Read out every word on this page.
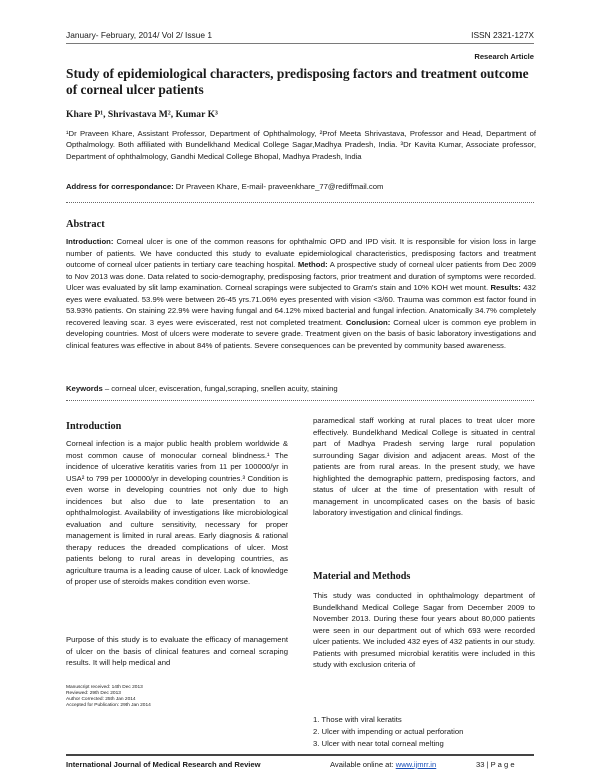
January- February, 2014/ Vol 2/ Issue 1	ISSN 2321-127X
Research Article
Study of epidemiological characters, predisposing factors and treatment outcome of corneal ulcer patients
Khare P¹, Shrivastava M², Kumar K³
¹Dr Praveen Khare, Assistant Professor, Department of Ophthalmology, ²Prof Meeta Shrivastava, Professor and Head, Department of Opthalmology. Both affiliated with Bundelkhand Medical College Sagar,Madhya Pradesh, India. ³Dr Kavita Kumar, Associate professor, Department of ophthalmology, Gandhi Medical College Bhopal, Madhya Pradesh, India
Address for correspondance: Dr Praveen Khare, E-mail- praveenkhare_77@rediffmail.com
Abstract
Introduction: Corneal ulcer is one of the common reasons for ophthalmic OPD and IPD visit. It is responsible for vision loss in large number of patients. We have conducted this study to evaluate epidemiological characteristics, predisposing factors and treatment outcome of corneal ulcer patients in tertiary care teaching hospital. Method: A prospective study of corneal ulcer patients from Dec 2009 to Nov 2013 was done. Data related to socio-demography, predisposing factors, prior treatment and duration of symptoms were recorded. Ulcer was evaluated by slit lamp examination. Corneal scrapings were subjected to Gram's stain and 10% KOH wet mount. Results: 432 eyes were evaluated. 53.9% were between 26-45 yrs.71.06% eyes presented with vision <3/60. Trauma was common est factor found in 53.93% patients. On staining 22.9% were having fungal and 64.12% mixed bacterial and fungal infection. Anatomically 34.7% completely recovered leaving scar. 3 eyes were eviscerated, rest not completed treatment. Conclusion: Corneal ulcer is common eye problem in developing countries. Most of ulcers were moderate to severe grade. Treatment given on the basis of basic laboratory investigations and clinical features was effective in about 84% of patients. Severe consequences can be prevented by community based awareness.
Keywords – corneal ulcer, evisceration, fungal,scraping, snellen acuity, staining
Introduction

Corneal infection is a major public health problem worldwide & most common cause of monocular corneal blindness.¹ The incidence of ulcerative keratitis varies from 11 per 100000/yr in USA² to 799 per 100000/yr in developing countries.³ Condition is even worse in developing countries not only due to high incidences but also due to late presentation to an ophthalmologist. Availability of investigations like microbiological evaluation and culture sensitivity, necessary for proper management is limited in rural areas. Early diagnosis & rational therapy reduces the dreaded complications of ulcer. Most patients belong to rural areas in developing countries, as agriculture trauma is a leading cause of ulcer. Lack of knowledge of proper use of steroids makes condition even worse.

Purpose of this study is to evaluate the efficacy of management of ulcer on the basis of clinical features and corneal scraping results. It will help medical and

Manuscript received: 14th Dec 2013
Reviewed: 29th Dec 2013
Author Corrected: 25th Jan 2014
Accepted for Publication: 29th Jan 2014

paramedical staff working at rural places to treat ulcer more effectively. Bundelkhand Medical College is situated in central part of Madhya Pradesh serving large rural population surrounding Sagar division and adjacent areas. Most of the patients are from rural areas. In the present study, we have highlighted the demographic pattern, predisposing factors, and status of ulcer at the time of presentation with result of management in uncomplicated cases on the basis of basic laboratory investigation and clinical findings.

Material and Methods

This study was conducted in ophthalmology department of Bundelkhand Medical College Sagar from December 2009 to November 2013. During these four years about 80,000 patients were seen in our department out of which 693 were recorded ulcer patients. We included 432 eyes of 432 patients in our study. Patients with presumed microbial keratitis were included in this study with exclusion criteria of

1. Those with viral keratits
2. Ulcer with impending or actual perforation
3. Ulcer with near total corneal melting
International Journal of Medical Research and Review	Available online at: www.ijmrr.in	33 | P a g e
